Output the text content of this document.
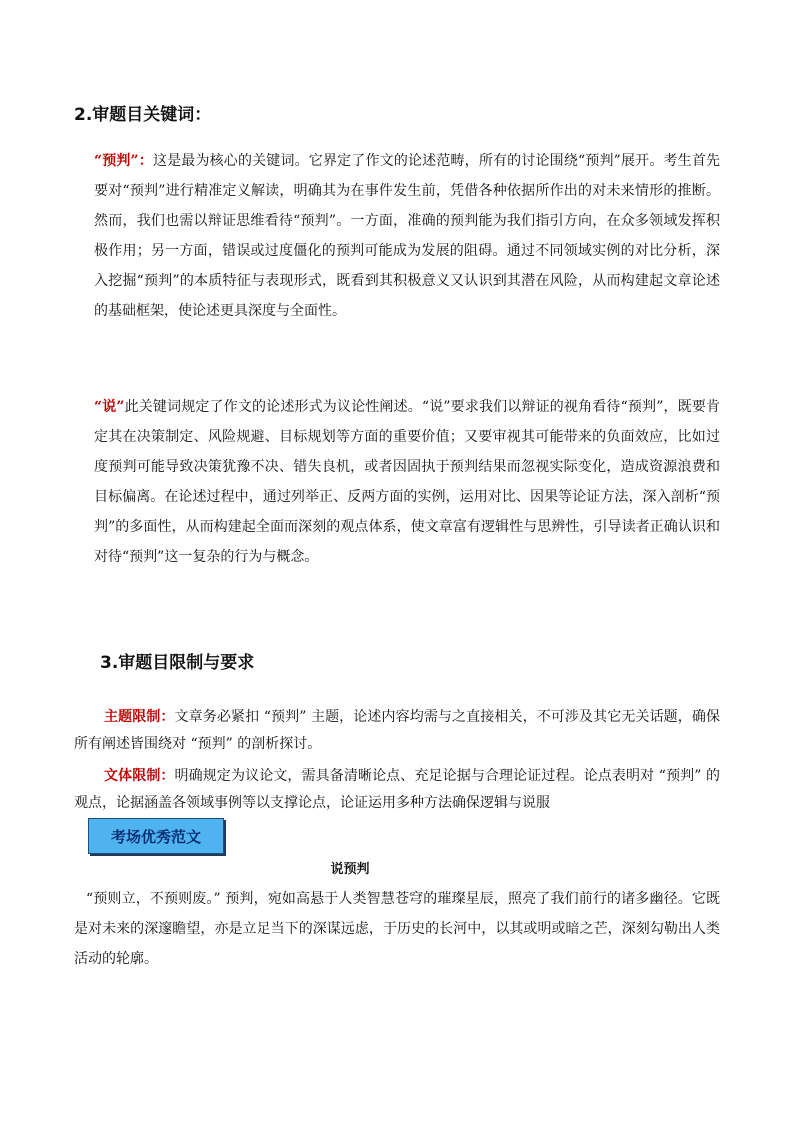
2.审题目关键词：
“预判”：这是最为核心的关键词。它界定了作文的论述范畴，所有的讨论围绕“预判”展开。考生首先要对“预判”进行精准定义解读，明确其为在事件发生前，凭借各种依据所作出的对未来情形的推断。然而，我们也需以辩证思维看待“预判”。一方面，准确的预判能为我们指引方向，在众多领域发挥积极作用；另一方面，错误或过度僵化的预判可能成为发展的阻碍。通过不同领域实例的对比分析，深入挖掘“预判”的本质特征与表现形式，既看到其积极意义又认识到其潜在风险，从而构建起文章论述的基础框架，使论述更具深度与全面性。
“说”此关键词规定了作文的论述形式为议论性阐述。“说”要求我们以辩证的视角看待“预判”，既要肯定其在决策制定、风险规避、目标规划等方面的重要价值；又要审视其可能带来的负面效应，比如过度预判可能导致决策犹豫不决、错失良机，或者因固执于预判结果而忽视实际变化，造成资源浪费和目标偏离。在论述过程中，通过列举正、反两方面的实例，运用对比、因果等论证方法，深入剖析“预判”的多面性，从而构建起全面而深刻的观点体系，使文章富有逻辑性与思辨性，引导读者正确认识和对待“预判”这一复杂的行为与概念。
3.审题目限制与要求
主题限制：文章务必紧扣 “预判” 主题，论述内容均需与之直接相关，不可涉及其它无关话题，确保所有阐述皆围绕对 “预判” 的剖析探讨。
文体限制：明确规定为议论文，需具备清晰论点、充足论据与合理论证过程。论点表明对 “预判” 的观点，论据涵盖各领域事例等以支撑论点，论证运用多种方法确保逻辑与说服
考场优秀范文
说预判
“预则立，不预则废。” 预判，宛如高悬于人类智慧苍穹的璀璨星辰，照亮了我们前行的诸多幽径。它既是对未来的深邃瞻望，亦是立足当下的深谋远虑，于历史的长河中，以其或明或暗之芒，深刻勾勒出人类活动的轮廓。
